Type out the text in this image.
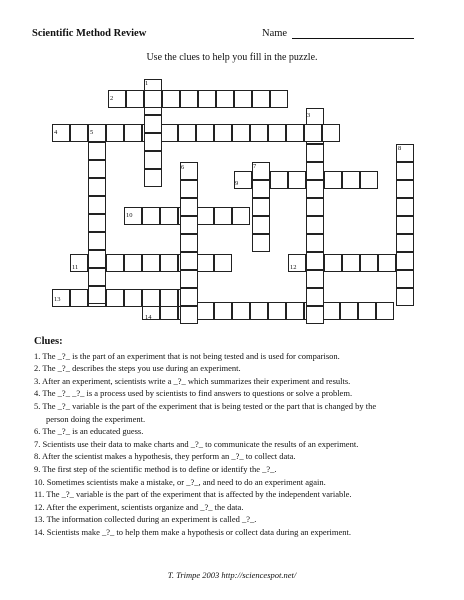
Scientific Method Review	Name
Use the clues to help you fill in the puzzle.
1
2
3
4	5
6	7
8
9
10
11	12
13
14
Clues:
1. The _?_ is the part of an experiment that is not being tested and is used for comparison.
2. The _?_ describes the steps you use during an experiment.
3. After an experiment, scientists write a _?_ which summarizes their experiment and results.
4. The _?_ _?_ is a process used by scientists to find answers to questions or solve a problem.
5. The _?_ variable is the part of the experiment that is being tested or the part that is changed by the
person doing the experiment.
6. The _?_ is an educated guess.
7. Scientists use their data to make charts and _?_ to communicate the results of an experiment.
8. After the scientist makes a hypothesis, they perform an _?_ to collect data.
9. The first step of the scientific method is to define or identify the _?_.
10. Sometimes scientists make a mistake, or _?_, and need to do an experiment again.
11. The _?_ variable is the part of the experiment that is affected by the independent variable.
12. After the experiment, scientists organize and _?_ the data.
13. The information collected during an experiment is called _?_.
14. Scientists make _?_ to help them make a hypothesis or collect data during an experiment.
T. Trimpe 2003 http://sciencespot.net/
